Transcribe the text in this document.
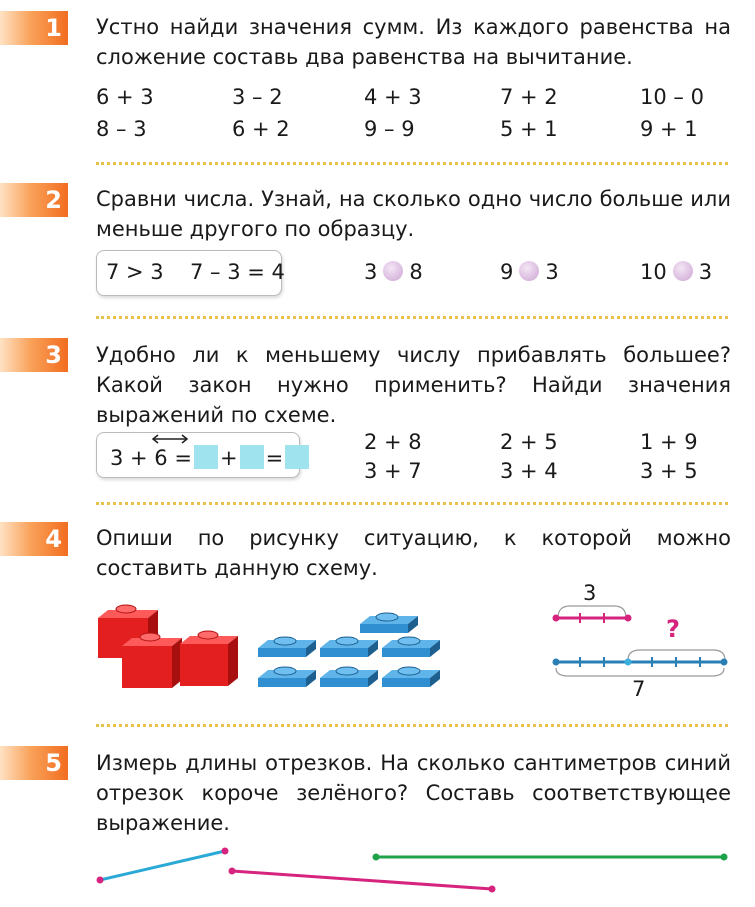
1 Устно найди значения сумм. Из каждого равенства на сложение составь два равенства на вычитание.

6 + 3	3 – 2	4 + 3	7 + 2	10 – 0
8 – 3	6 + 2	9 – 9	5 + 1	9 + 1
2 Сравни числа. Узнай, на сколько одно число больше или меньше другого по образцу.

7 > 3 7 – 3 = 4	3 8	9 3	10 3
3 Удобно ли к меньшему числу прибавлять большее? Какой закон нужно применить? Найди значения выражений по схеме.

3 + 6 = + =
2 + 8	2 + 5	1 + 9
3 + 7	3 + 4	3 + 5
4 Опиши по рисунку ситуацию, к которой можно составить данную схему.

3
?
7
5 Измерь длины отрезков. На сколько сантиметров синий отрезок короче зелёного? Составь соответствующее выражение.
